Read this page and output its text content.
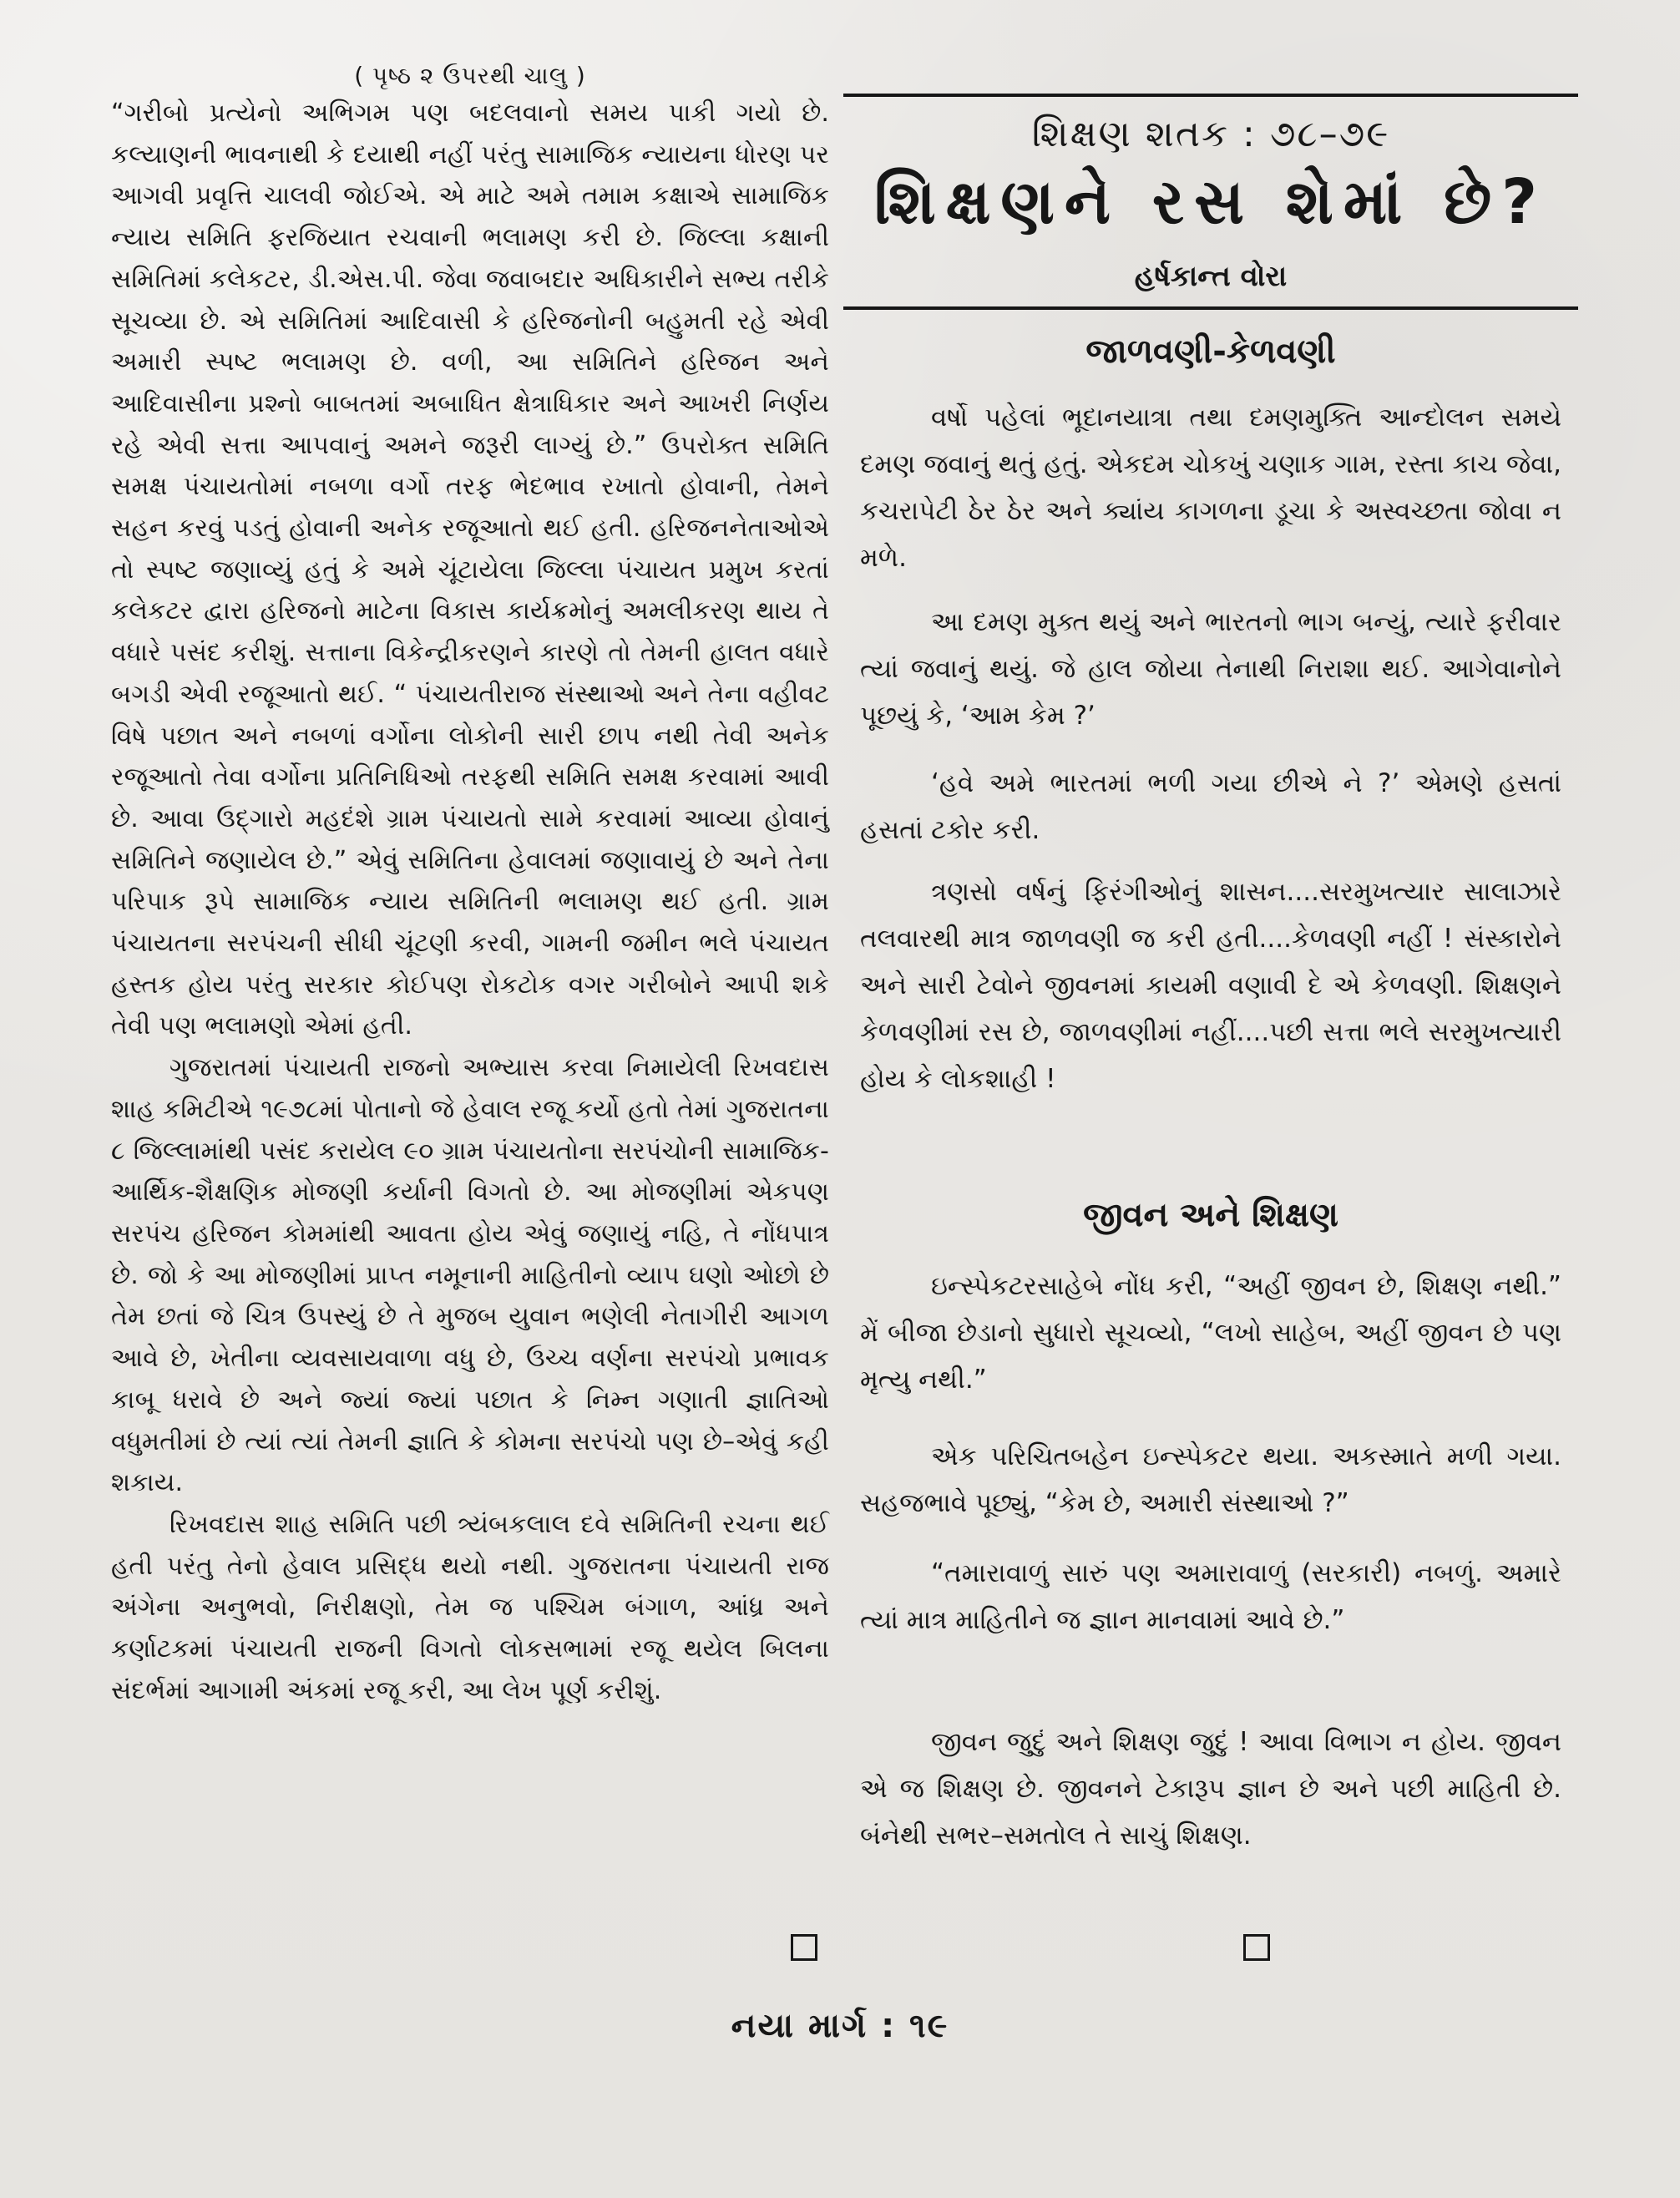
( પૃષ્ઠ ૨ ઉપરથી ચાલુ )

“ગરીબો પ્રત્યેનો અભિગમ પણ બદલવાનો સમય પાકી ગયો છે. કલ્યાણની ભાવનાથી કે દયાથી નહીં પરંતુ સામાજિક ન્યાયના ધોરણ પર આગવી પ્રવૃત્તિ ચાલવી જોઈએ. એ માટે અમે તમામ કક્ષાએ સામાજિક ન્યાય સમિતિ ફરજિયાત રચવાની ભલામણ કરી છે. જિલ્લા કક્ષાની સમિતિમાં કલેકટર, ડી.એસ.પી. જેવા જવાબદાર અધિકારીને સભ્ય તરીકે સૂચવ્યા છે. એ સમિતિમાં આદિવાસી કે હરિજનોની બહુમતી રહે એવી અમારી સ્પષ્ટ ભલામણ છે. વળી, આ સમિતિને હરિજન અને આદિવાસીના પ્રશ્નો બાબતમાં અબાધિત ક્ષેત્રાધિકાર અને આખરી નિર્ણય રહે એવી સત્તા આપવાનું અમને જરૂરી લાગ્યું છે.” ઉપરોક્ત સમિતિ સમક્ષ પંચાયતોમાં નબળા વર્ગો તરફ ભેદભાવ રખાતો હોવાની, તેમને સહન કરવું પડતું હોવાની અનેક રજૂઆતો થઈ હતી. હરિજનનેતાઓએ તો સ્પષ્ટ જણાવ્યું હતું કે અમે ચૂંટાયેલા જિલ્લા પંચાયત પ્રમુખ કરતાં કલેકટર દ્વારા હરિજનો માટેના વિકાસ કાર્યક્રમોનું અમલીકરણ થાય તે વધારે પસંદ કરીશું. સત્તાના વિકેન્દ્રીકરણને કારણે તો તેમની હાલત વધારે બગડી એવી રજૂઆતો થઈ. “ પંચાયતીરાજ સંસ્થાઓ અને તેના વહીવટ વિષે પછાત અને નબળાં વર્ગોના લોકોની સારી છાપ નથી તેવી અનેક રજૂઆતો તેવા વર્ગોના પ્રતિનિધિઓ તરફથી સમિતિ સમક્ષ કરવામાં આવી છે. આવા ઉદ્‌ગારો મહદંશે ગ્રામ પંચાયતો સામે કરવામાં આવ્યા હોવાનું સમિતિને જણાયેલ છે.” એવું સમિતિના હેવાલમાં જણાવાયું છે અને તેના પરિપાક રૂપે સામાજિક ન્યાય સમિતિની ભલામણ થઈ હતી. ગ્રામ પંચાયતના સરપંચની સીધી ચૂંટણી કરવી, ગામની જમીન ભલે પંચાયત હસ્તક હોય પરંતુ સરકાર કોઈપણ રોકટોક વગર ગરીબોને આપી શકે તેવી પણ ભલામણો એમાં હતી.

ગુજરાતમાં પંચાયતી રાજનો અભ્યાસ કરવા નિમાયેલી રિખવદાસ શાહ કમિટીએ ૧૯૭૮માં પોતાનો જે હેવાલ રજૂ કર્યો હતો તેમાં ગુજરાતના ૮ જિલ્લામાંથી પસંદ કરાયેલ ૯૦ ગ્રામ પંચાયતોના સરપંચોની સામાજિક-આર્થિક-શૈક્ષણિક મોજણી કર્યાની વિગતો છે. આ મોજણીમાં એકપણ સરપંચ હરિજન કોમમાંથી આવતા હોય એવું જણાયું નહિ, તે નોંધપાત્ર છે. જો કે આ મોજણીમાં પ્રાપ્ત નમૂનાની માહિતીનો વ્યાપ ઘણો ઓછો છે તેમ છતાં જે ચિત્ર ઉપસ્યું છે તે મુજબ યુવાન ભણેલી નેતાગીરી આગળ આવે છે, ખેતીના વ્યવસાયવાળા વધુ છે, ઉચ્ચ વર્ણના સરપંચો પ્રભાવક કાબૂ ધરાવે છે અને જ્યાં જ્યાં પછાત કે નિમ્ન ગણાતી જ્ઞાતિઓ વધુમતીમાં છે ત્યાં ત્યાં તેમની જ્ઞાતિ કે કોમના સરપંચો પણ છે–એવું કહી શકાય.

રિખવદાસ શાહ સમિતિ પછી ત્ર્યંબકલાલ દવે સમિતિની રચના થઈ હતી પરંતુ તેનો હેવાલ પ્રસિદ્ધ થયો નથી. ગુજરાતના પંચાયતી રાજ અંગેના અનુભવો, નિરીક્ષણો, તેમ જ પશ્ચિમ બંગાળ, આંધ્ર અને કર્ણાટકમાં પંચાયતી રાજની વિગતો લોકસભામાં રજૂ થયેલ બિલના સંદર્ભમાં આગામી અંકમાં રજૂ કરી, આ લેખ પૂર્ણ કરીશું.

શિક્ષણ શતક : ૭૮–૭૯
શિક્ષણને રસ શેમાં છે?
હર્ષકાન્ત વોરા
જાળવણી-કેળવણી

વર્ષો પહેલાં ભૂદાનયાત્રા તથા દમણમુક્તિ આન્દોલન સમયે દમણ જવાનું થતું હતું. એકદમ ચોકખું ચણાક ગામ, રસ્તા કાચ જેવા, કચરાપેટી ઠેર ઠેર અને ક્યાંય કાગળના ડૂચા કે અસ્વચ્છતા જોવા ન મળે.

આ દમણ મુક્ત થયું અને ભારતનો ભાગ બન્યું, ત્યારે ફરીવાર ત્યાં જવાનું થયું. જે હાલ જોયા તેનાથી નિરાશા થઈ. આગેવાનોને પૂછયું કે, ‘આમ કેમ ?’

‘હવે અમે ભારતમાં ભળી ગયા છીએ ને ?’ એમણે હસતાં હસતાં ટકોર કરી.

ત્રણસો વર્ષનું ફિરંગીઓનું શાસન....સરમુખત્યાર સાલાઝારે તલવારથી માત્ર જાળવણી જ કરી હતી....કેળવણી નહીં ! સંસ્કારોને અને સારી ટેવોને જીવનમાં કાયમી વણાવી દે એ કેળવણી. શિક્ષણને કેળવણીમાં રસ છે, જાળવણીમાં નહીં....પછી સત્તા ભલે સરમુખત્યારી હોય કે લોકશાહી !

જીવન અને શિક્ષણ

ઇન્સ્પેકટરસાહેબે નોંધ કરી, “અહીં જીવન છે, શિક્ષણ નથી.” મેં બીજા છેડાનો સુધારો સૂચવ્યો, “લખો સાહેબ, અહીં જીવન છે પણ મૃત્યુ નથી.”

એક પરિચિતબહેન ઇન્સ્પેકટર થયા. અકસ્માતે મળી ગયા. સહજભાવે પૂછ્યું, “કેમ છે, અમારી સંસ્થાઓ ?”

“તમારાવાળું સારું પણ અમારાવાળું (સરકારી) નબળું. અમારે ત્યાં માત્ર માહિતીને જ જ્ઞાન માનવામાં આવે છે.”

જીવન જુદું અને શિક્ષણ જુદું ! આવા વિભાગ ન હોય. જીવન એ જ શિક્ષણ છે. જીવનને ટેકારૂપ જ્ઞાન છે અને પછી માહિતી છે. બંનેથી સભર–સમતોલ તે સાચું શિક્ષણ.

નયા માર્ગ : ૧૯
